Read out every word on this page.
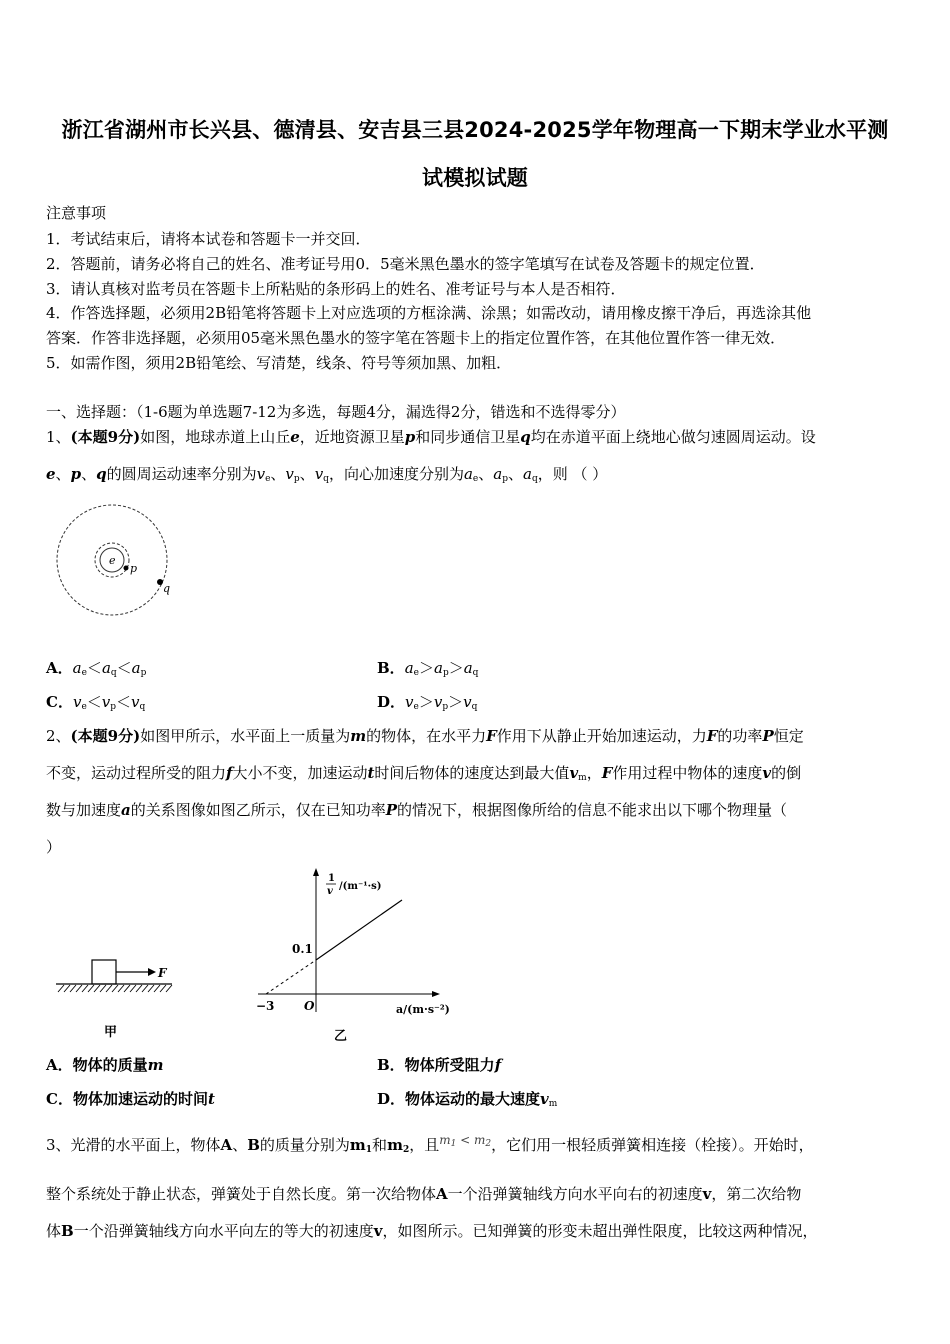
浙江省湖州市长兴县、德清县、安吉县三县2024-2025学年物理高一下期末学业水平测
试模拟试题
注意事项
1．考试结束后，请将本试卷和答题卡一并交回．
2．答题前，请务必将自己的姓名、准考证号用0．5毫米黑色墨水的签字笔填写在试卷及答题卡的规定位置．
3．请认真核对监考员在答题卡上所粘贴的条形码上的姓名、准考证号与本人是否相符．
4．作答选择题，必须用2B铅笔将答题卡上对应选项的方框涂满、涂黑；如需改动，请用橡皮擦干净后，再选涂其他
答案．作答非选择题，必须用05毫米黑色墨水的签字笔在答题卡上的指定位置作答，在其他位置作答一律无效．
5．如需作图，须用2B铅笔绘、写清楚，线条、符号等须加黑、加粗．
一、选择题：（1-6题为单选题7-12为多选，每题4分，漏选得2分，错选和不选得零分）
1、(本题9分)如图，地球赤道上山丘e，近地资源卫星p和同步通信卫星q均在赤道平面上绕地心做匀速圆周运动。设
e、p、q的圆周运动速率分别为$v_e$、$v_p$、$v_q$，向心加速度分别为$a_e$、$a_p$、$a_q$，则 （ ）
e
p
q
A．$a_e<a_q<a_p$	B．$a_e>a_p>a_q$
C．$v_e<v_p<v_q$	D．$v_e>v_p>v_q$
2、(本题9分)如图甲所示，水平面上一质量为m的物体，在水平力F作用下从静止开始加速运动，力F的功率P恒定
不变，运动过程所受的阻力f大小不变，加速运动t时间后物体的速度达到最大值$v_m$，F作用过程中物体的速度v的倒
数与加速度a的关系图像如图乙所示，仅在已知功率P的情况下，根据图像所给的信息不能求出以下哪个物理量（
）
F
甲
1
v /(m⁻¹·s)
0.1
O
−3	a/(m·s⁻²)
乙
A．物体的质量m	B．物体所受阻力f
C．物体加速运动的时间t	D．物体运动的最大速度$v_m$
3、光滑的水平面上，物体A、B的质量分别为$m_1$和$m_2$，且$^{m_1 < m_2}$，它们用一根轻质弹簧相连接（栓接）。开始时，
整个系统处于静止状态，弹簧处于自然长度。第一次给物体A一个沿弹簧轴线方向水平向右的初速度v，第二次给物
体B一个沿弹簧轴线方向水平向左的等大的初速度v，如图所示。已知弹簧的形变未超出弹性限度，比较这两种情况，
